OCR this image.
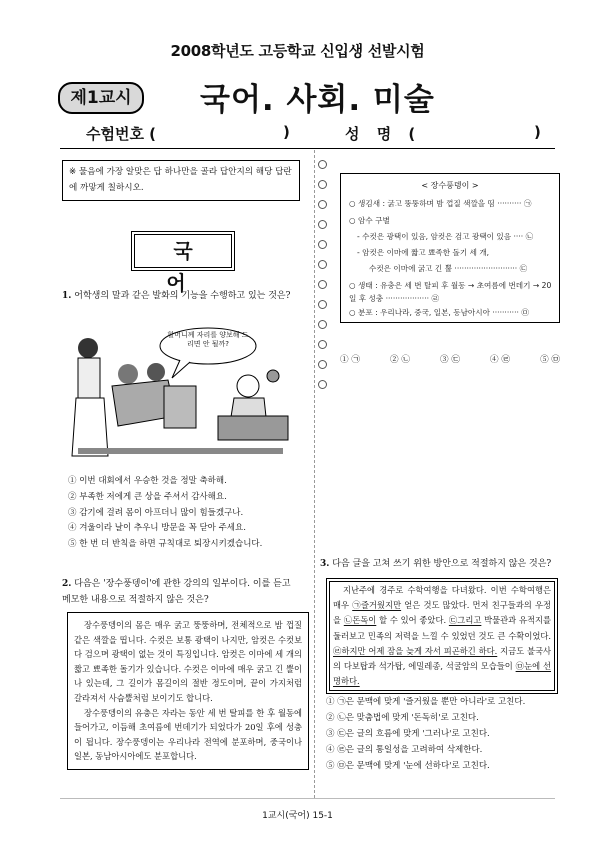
2008학년도 고등학교 신입생 선발시험
제1교시	국어. 사회. 미술
수험번호 (	)	성 명 (	)
※ 물음에 가장 알맞은 답 하나만을 골라 답안지의 해당 답란에 까맣게 칠하시오.
국 어
1. 어학생의 말과 같은 발화의 기능을 수행하고 있는 것은?
할머니께 자리를 양보해 드리면 안 될까?
① 이번 대회에서 우승한 것을 정말 축하해.
② 부족한 저에게 큰 상을 주셔서 감사해요.
③ 감기에 걸려 몸이 아프더니 많이 힘들겠구나.
④ 겨울이라 날이 추우니 방문을 꼭 닫아 주세요.
⑤ 한 번 더 반칙을 하면 규칙대로 퇴장시키겠습니다.
2. 다음은 '장수풍뎅이'에 관한 강의의 일부이다. 이를 듣고 메모한 내용으로 적절하지 않은 것은?
장수풍뎅이의 몸은 매우 굵고 뚱뚱하며, 전체적으로 밤 껍질 같은 색깔을 띱니다. 수컷은 보통 광택이 나지만, 암컷은 수컷보다 검으며 광택이 없는 것이 특징입니다. 암컷은 이마에 세 개의 짧고 뾰족한 돌기가 있습니다. 수컷은 이마에 매우 굵고 긴 뿔이 나 있는데, 그 길이가 몸길이의 절반 정도이며, 끝이 가지처럼 갈라져서 사슴뿔처럼 보이기도 합니다.
장수풍뎅이의 유충은 자라는 동안 세 번 탈피를 한 후 월동에 들어가고, 이듬해 초여름에 번데기가 되었다가 20일 후에 성충이 됩니다. 장수풍뎅이는 우리나라 전역에 분포하며, 중국이나 일본, 동남아시아에도 분포합니다.
< 장수풍뎅이 >
○ 생김새 : 굵고 뚱뚱하며 밤 껍질 색깔을 띰 ·········· ㉠
○ 암수 구별
- 수컷은 광택이 있음, 암컷은 검고 광택이 있음 ···· ㉡
- 암컷은 이마에 짧고 뾰족한 돌기 세 개,
수컷은 이마에 굵고 긴 뿔 ·························· ㉢
○ 생태 : 유충은 세 번 탈피 후 월동 → 초여름에 번데기 → 20일 후 성충 ·················· ㉣
○ 분포 : 우리나라, 중국, 일본, 동남아시아 ··········· ㉤
① ㉠	② ㉡	③ ㉢	④ ㉣	⑤ ㉤
3. 다음 글을 고쳐 쓰기 위한 방안으로 적절하지 않은 것은?
지난주에 경주로 수학여행을 다녀왔다. 이번 수학여행은 매우 ㉠즐거웠지만 얻은 것도 많았다. 먼저 친구들과의 우정을 ㉡돈독이 할 수 있어 좋았다. ㉢그리고 박물관과 유적지를 둘러보고 민족의 저력을 느낄 수 있었던 것도 큰 수확이었다. ㉣하지만 어제 잠을 늦게 자서 피곤하긴 하다. 지금도 불국사의 다보탑과 석가탑, 에밀레종, 석굴암의 모습들이 ㉤눈에 선명하다.
① ㉠은 문맥에 맞게 '즐거웠을 뿐만 아니라'로 고친다.
② ㉡은 맞춤법에 맞게 '돈독히'로 고친다.
③ ㉢은 글의 흐름에 맞게 '그러나'로 고친다.
④ ㉣은 글의 통일성을 고려하여 삭제한다.
⑤ ㉤은 문맥에 맞게 '눈에 선하다'로 고친다.
1교시(국어) 15-1
